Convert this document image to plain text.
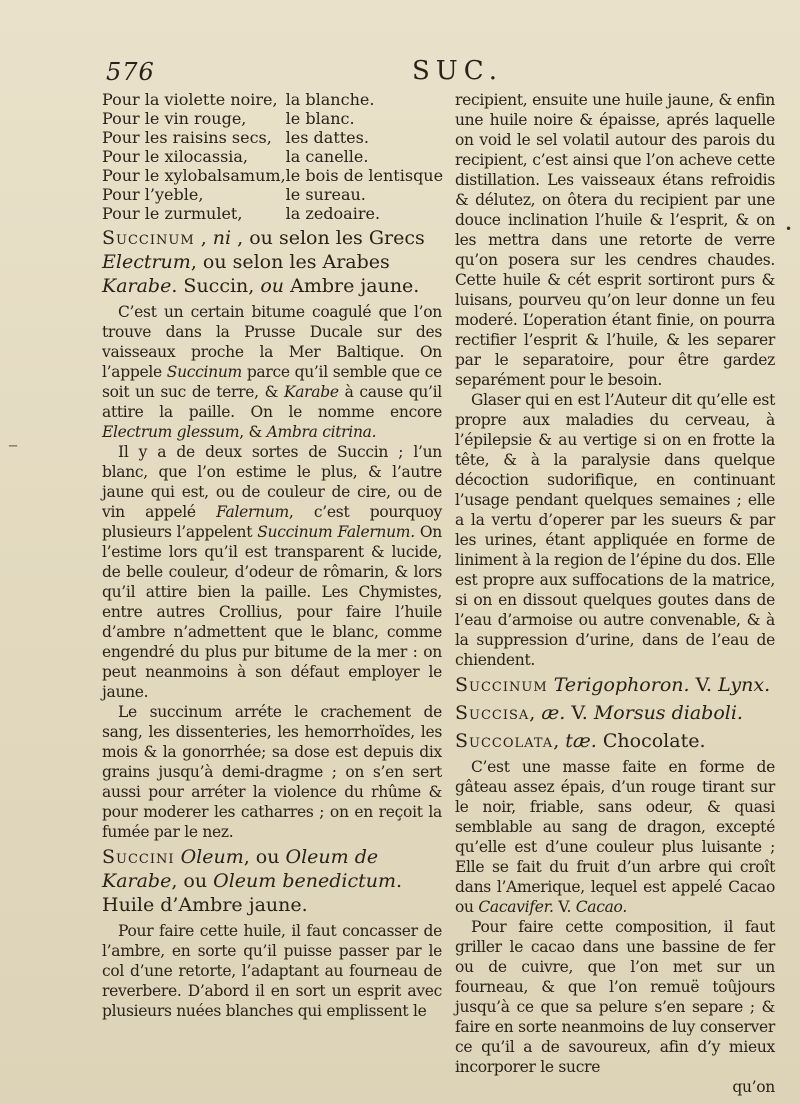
576	SUC.
–
•
Pour la violette noire,	la blanche.
Pour le vin rouge,	le blanc.
Pour les raisins secs,	les dattes.
Pour le xilocassia,	la canelle.
Pour le xylobalsamum,	le bois de lentisque
Pour l’yeble,	le sureau.
Pour le zurmulet,	la zedoaire.
Succinum , ni , ou selon les Grecs Electrum, ou selon les Arabes Karabe. Succin, ou Ambre jaune.

C’est un certain bitume coagulé que l’on trouve dans la Prusse Ducale sur des vaisseaux proche la Mer Baltique. On l’appele Succinum parce qu’il semble que ce soit un suc de terre, & Karabe à cause qu’il attire la paille. On le nomme encore Electrum glessum, & Ambra citrina.

Il y a de deux sortes de Succin ; l’un blanc, que l’on estime le plus, & l’autre jaune qui est, ou de couleur de cire, ou de vin appelé Falernum, c’est pourquoy plusieurs l’appelent Succinum Falernum. On l’estime lors qu’il est transparent & lucide, de belle couleur, d’odeur de rômarin, & lors qu’il attire bien la paille. Les Chymistes, entre autres Crollius, pour faire l’huile d’ambre n’admettent que le blanc, comme engendré du plus pur bitume de la mer : on peut neanmoins à son défaut employer le jaune.

Le succinum arréte le crachement de sang, les dissenteries, les hemorrhoïdes, les mois & la gonorrhée; sa dose est depuis dix grains jusqu’à demi-dragme ; on s’en sert aussi pour arréter la violence du rhûme & pour moderer les catharres ; on en reçoit la fumée par le nez.

Succini Oleum, ou Oleum de Karabe, ou Oleum benedictum. Huile d’Ambre jaune.

Pour faire cette huile, il faut concasser de l’ambre, en sorte qu’il puisse passer par le col d’une retorte, l’adaptant au fourneau de reverbere. D’abord il en sort un esprit avec plusieurs nuées blanches qui emplissent le

recipient, ensuite une huile jaune, & enfin une huile noire & épaisse, aprés laquelle on void le sel volatil autour des parois du recipient, c’est ainsi que l’on acheve cette distillation. Les vaisseaux étans refroidis & délutez, on ôtera du recipient par une douce inclination l’huile & l’esprit, & on les mettra dans une retorte de verre qu’on posera sur les cendres chaudes. Cette huile & cét esprit sortiront purs & luisans, pourveu qu’on leur donne un feu moderé. L’operation étant finie, on pourra rectifier l’esprit & l’huile, & les separer par le separatoire, pour être gardez separément pour le besoin.

Glaser qui en est l’Auteur dit qu’elle est propre aux maladies du cerveau, à l’épilepsie & au vertige si on en frotte la tête, & à la paralysie dans quelque décoction sudorifique, en continuant l’usage pendant quelques semaines ; elle a la vertu d’operer par les sueurs & par les urines, étant appliquée en forme de liniment à la region de l’épine du dos. Elle est propre aux suffocations de la matrice, si on en dissout quelques goutes dans de l’eau d’armoise ou autre convenable, & à la suppression d’urine, dans de l’eau de chiendent.

Succinum Terigophoron. V. Lynx.
Succisa, æ. V. Morsus diaboli.
Succolata, tæ. Chocolate.

C’est une masse faite en forme de gâteau assez épais, d’un rouge tirant sur le noir, friable, sans odeur, & quasi semblable au sang de dragon, excepté qu’elle est d’une couleur plus luisante ; Elle se fait du fruit d’un arbre qui croît dans l’Amerique, lequel est appelé Cacao ou Cacavifer. V. Cacao.

Pour faire cette composition, il faut griller le cacao dans une bassine de fer ou de cuivre, que l’on met sur un fourneau, & que l’on remuë toûjours jusqu’à ce que sa pelure s’en separe ; & faire en sorte neanmoins de luy conserver ce qu’il a de savoureux, afin d’y mieux incorporer le sucre

qu’on
